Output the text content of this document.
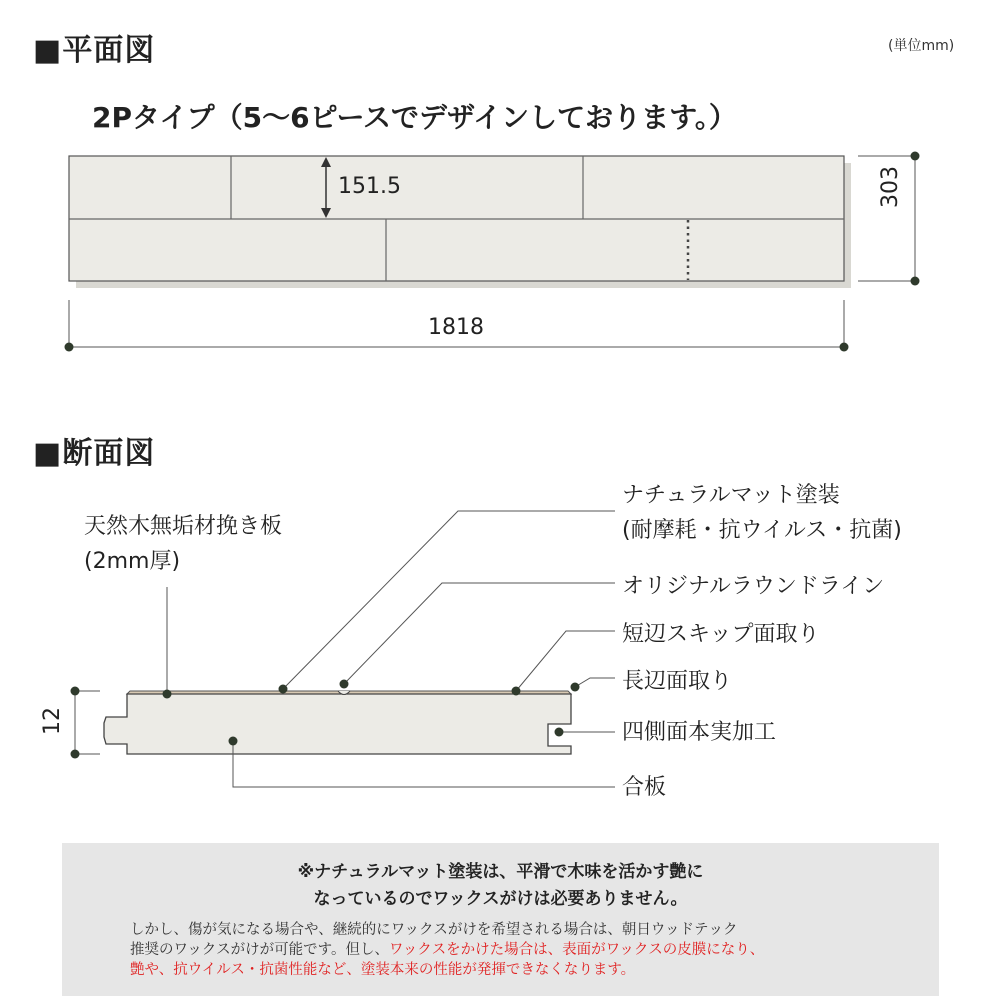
■平面図	(単位mm)
2Pタイプ（5〜6ピースでデザインしております。）
151.5	303
1818
■断面図
12
天然木無垢材挽き板
(2mm厚)
ナチュラルマット塗装
(耐摩耗・抗ウイルス・抗菌)
オリジナルラウンドライン
短辺スキップ面取り
長辺面取り
四側面本実加工
合板
※ナチュラルマット塗装は、平滑で木味を活かす艶に
なっているのでワックスがけは必要ありません。
しかし、傷が気になる場合や、継続的にワックスがけを希望される場合は、朝日ウッドテック
推奨のワックスがけが可能です。但し、ワックスをかけた場合は、表面がワックスの皮膜になり、
艶や、抗ウイルス・抗菌性能など、塗装本来の性能が発揮できなくなります。
